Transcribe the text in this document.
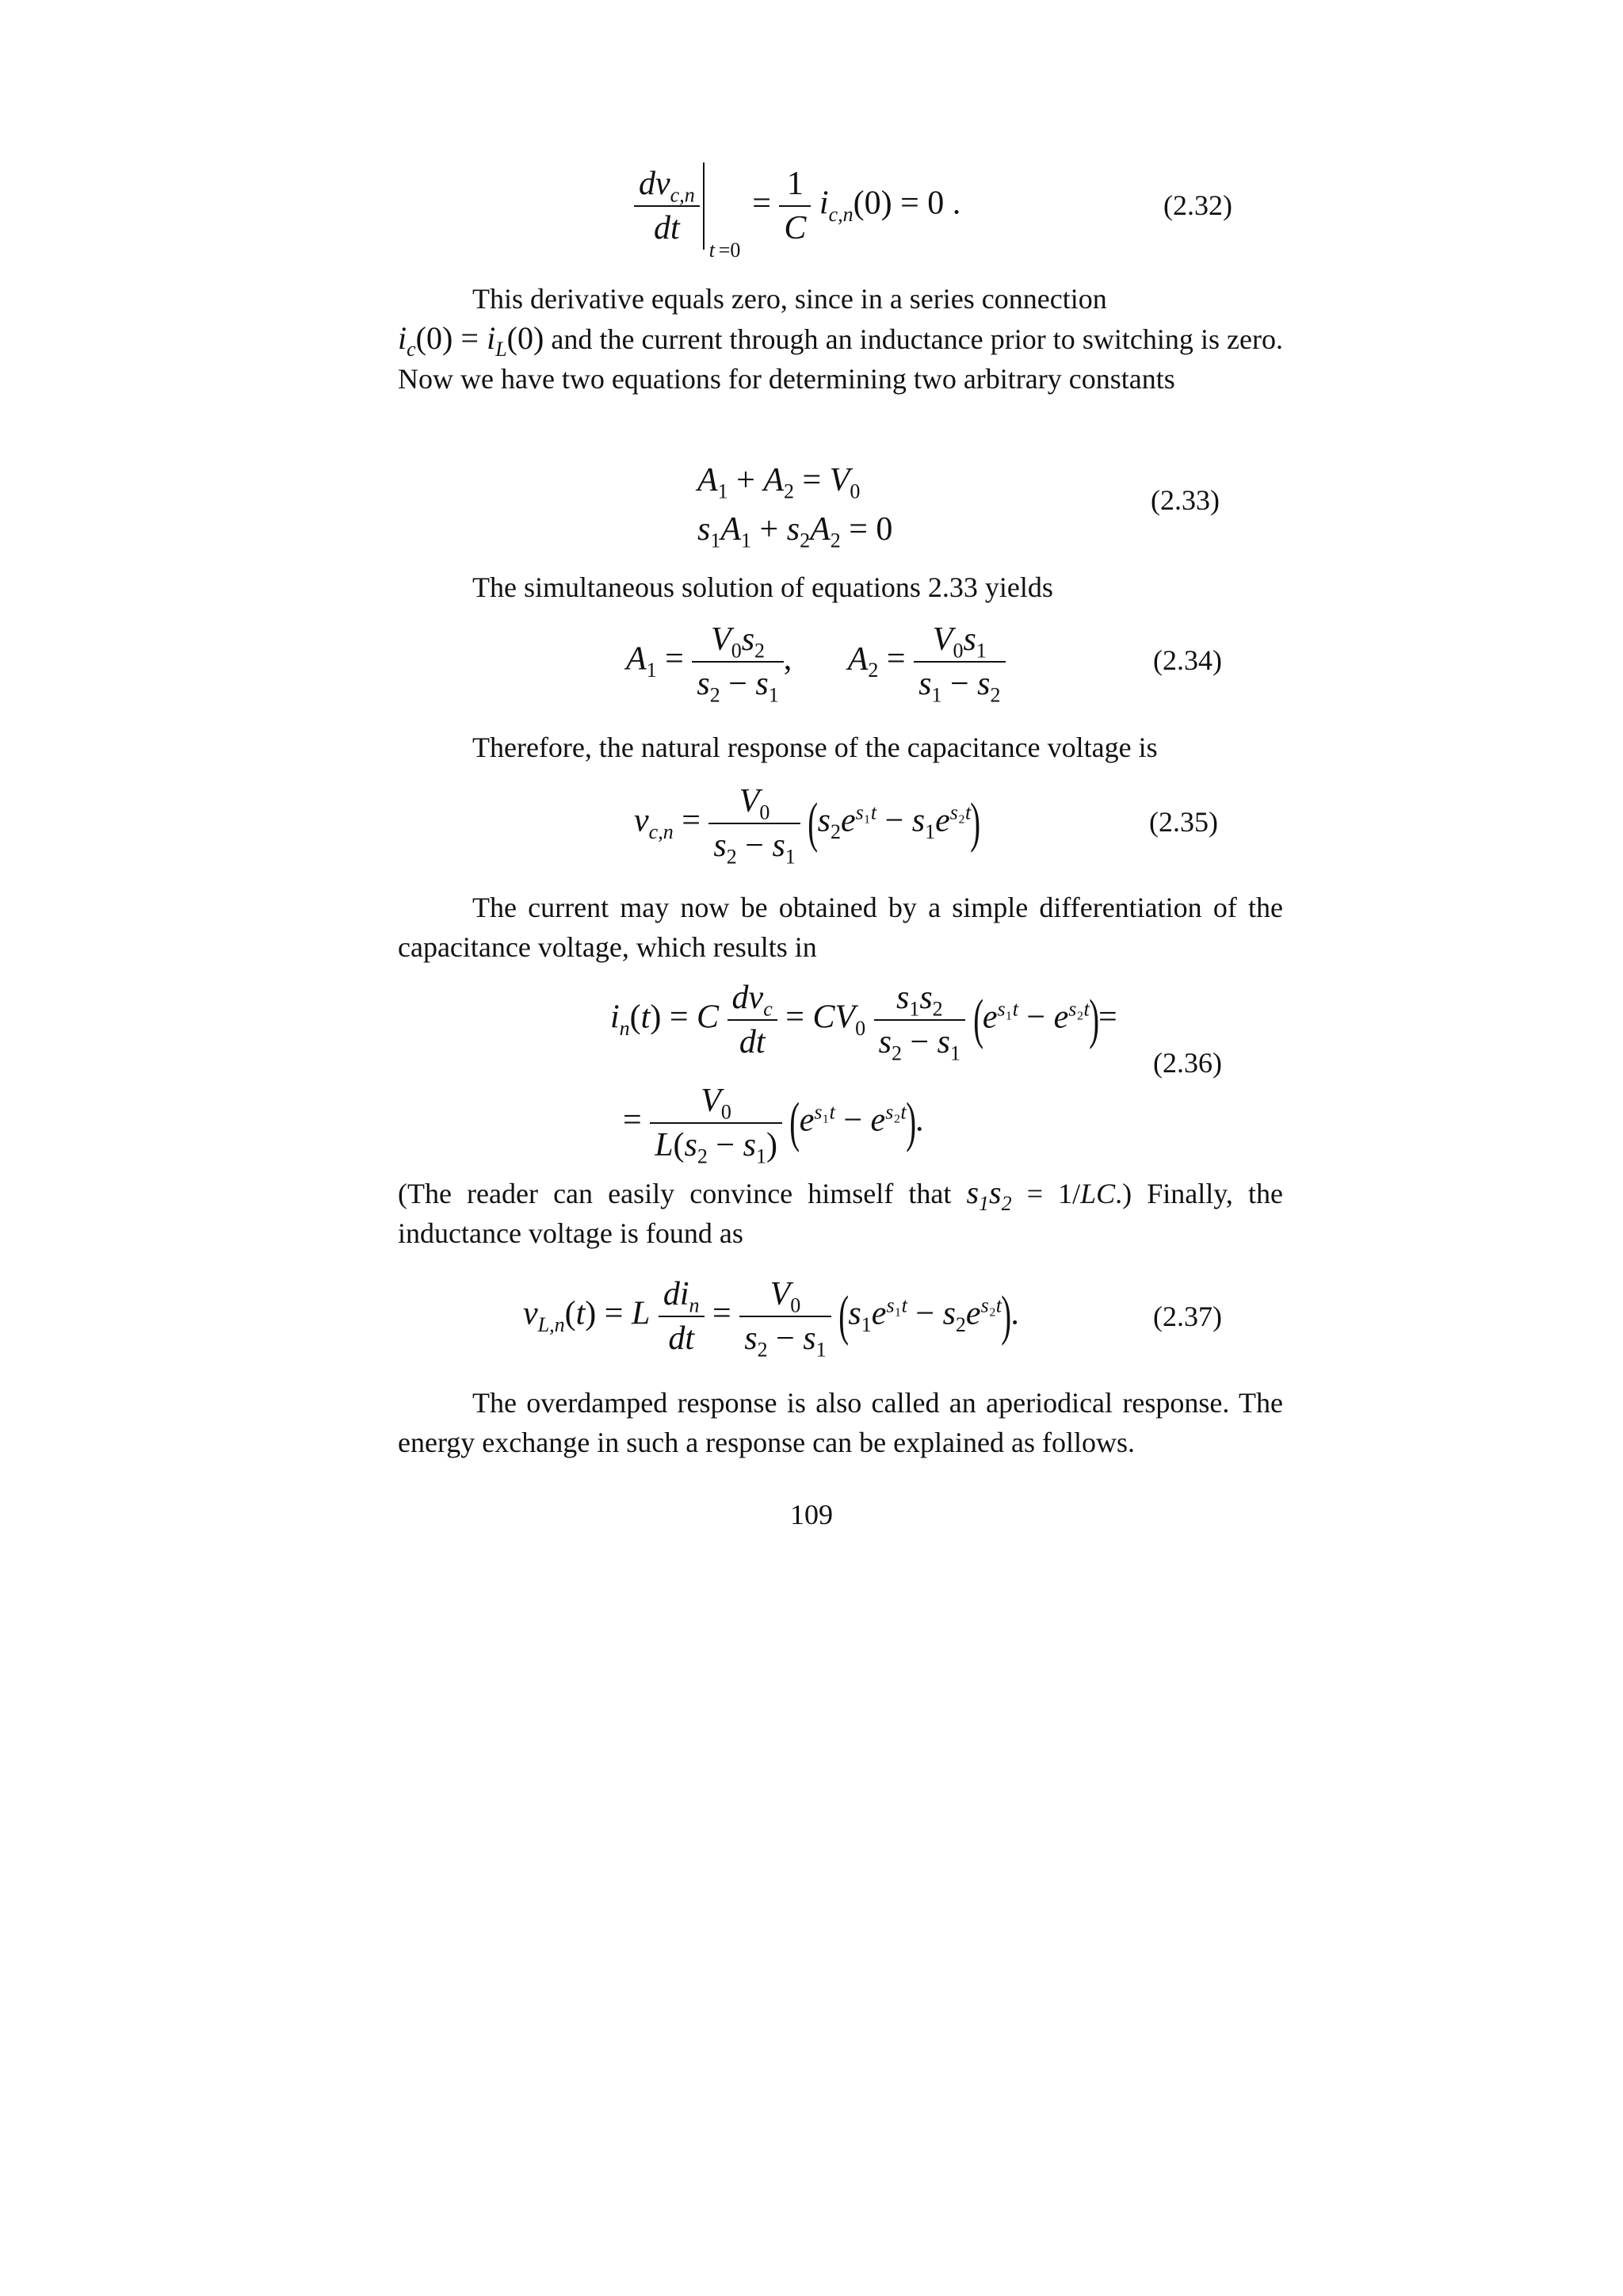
$\frac{dv_{c,n}}{dt}$
t =0
= $\frac{1}{C} i_{c,n}(0) = 0$ .	(2.32)

This derivative equals zero, since in a series connection
$i_c(0) = i_L(0)$ and the current through an inductance prior to switching is zero. Now we have two equations for determining two arbitrary constants

$A_1 + A_2 = V_0$
$s_1A_1 + s_2A_2 = 0$
(2.33)

The simultaneous solution of equations 2.33 yields

$A_1 = \frac{V_0s_2}{s_2 - s_1}$ , $A_2 = \frac{V_0s_1}{s_1 - s_2}$	(2.34)

Therefore, the natural response of the capacitance voltage is

$v_{c,n} = \frac{V_0}{s_2 - s_1} (s_2e^{s_1t} - s_1e^{s_2t})$	(2.35)

The current may now be obtained by a simple differentiation of the capacitance voltage, which results in

$i_n(t) = C \frac{dv_c}{dt} = CV_0 \frac{s_1s_2}{s_2 - s_1} (e^{s_1t} - e^{s_2t})=$
= $\frac{V_0}{L(s_2 - s_1)} (e^{s_1t} - e^{s_2t})$.
(2.36)

(The reader can easily convince himself that $s_1s_2 = 1/LC$.) Finally, the inductance voltage is found as

$v_{L,n}(t) = L \frac{di_n}{dt} = \frac{V_0}{s_2 - s_1} (s_1e^{s_1t} - s_2e^{s_2t})$.	(2.37)

The overdamped response is also called an aperiodical response. The energy exchange in such a response can be explained as follows.

109
